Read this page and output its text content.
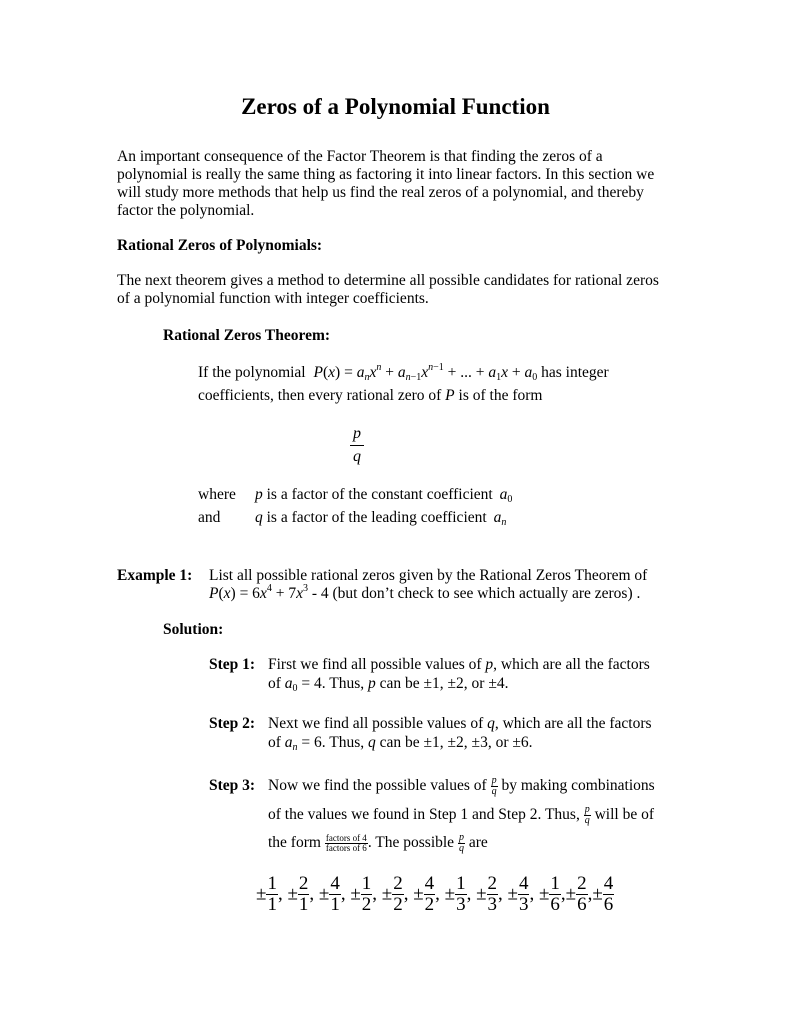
Zeros of a Polynomial Function
An important consequence of the Factor Theorem is that finding the zeros of a
polynomial is really the same thing as factoring it into linear factors. In this section we
will study more methods that help us find the real zeros of a polynomial, and thereby
factor the polynomial.
Rational Zeros of Polynomials:
The next theorem gives a method to determine all possible candidates for rational zeros
of a polynomial function with integer coefficients.
Rational Zeros Theorem:
If the polynomial $P(x) = a_nx^n + a_{n-1}x^{n-1}$ + ... + $a_1x + a_0$ has integer
coefficients, then every rational zero of P is of the form
$\frac{p}{q}$
where p is a factor of the constant coefficient $a_0$
and q is a factor of the leading coefficient $a_n$
Example 1: List all possible rational zeros given by the Rational Zeros Theorem of
$P(x) = 6x^4 + 7x^3 - 4$ (but don’t check to see which actually are zeros) .
Solution:
Step 1: First we find all possible values of p, which are all the factors
of $a_0 = 4$. Thus, p can be ±1, ±2, or ±4.
Step 2: Next we find all possible values of q, which are all the factors
of $a_n = 6$. Thus, q can be ±1, ±2, ±3, or ±6.
Step 3: Now we find the possible values of $\frac{p}{q}$ by making combinations
of the values we found in Step 1 and Step 2. Thus, $\frac{p}{q}$ will be of
the form $\frac{\text{factors of 4}}{\text{factors of 6}}$ . The possible $\frac{p}{q}$ are
± $\frac{1}{1}$ , ± $\frac{2}{1}$ , ± $\frac{4}{1}$ , ± $\frac{1}{2}$ , ± $\frac{2}{2}$ , ± $\frac{4}{2}$ , ± $\frac{1}{3}$ , ± $\frac{2}{3}$ , ± $\frac{4}{3}$ , ± $\frac{1}{6}$ ,± $\frac{2}{6}$ ,± $\frac{4}{6}$
